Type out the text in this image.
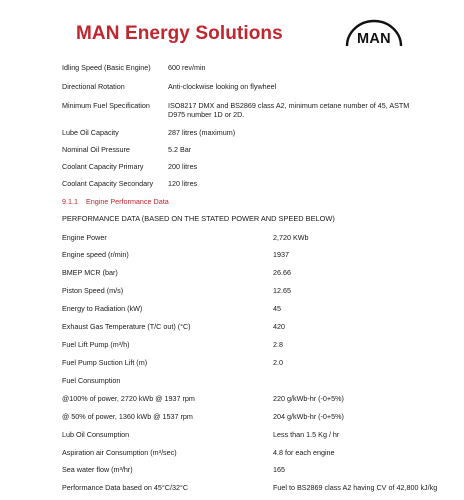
MAN Energy Solutions	MAN
Idling Speed (Basic Engine) 600 rev/min
Directional Rotation	Anti-clockwise looking on flywheel
Minimum Fuel Specification	ISO8217 DMX and BS2869 class A2, minimum cetane number of 45, ASTM D975 number 1D or 2D.
Lube Oil Capacity	287 litres (maximum)
Nominal Oil Pressure	5.2 Bar
Coolant Capacity Primary	200 litres
Coolant Capacity Secondary 120 litres
9.1.1 Engine Performance Data
PERFORMANCE DATA (BASED ON THE STATED POWER AND SPEED BELOW)
Engine Power	2,720 KWb
Engine speed (r/min)	1937
BMEP MCR (bar)	26.66
Piston Speed (m/s)	12.65
Energy to Radiation (kW)	45
Exhaust Gas Temperature (T/C out) (°C)	420
Fuel Lift Pump (m³/h)	2.8
Fuel Pump Suction Lift (m)	2.0
Fuel Consumption
@100% of power, 2720 kWb @ 1937 rpm	220 g/kWb-hr (-0+5%)
@ 50% of power, 1360 kWb @ 1537 rpm	204 g/kWb-hr (-0+5%)
Lub Oil Consumption	Less than 1.5 Kg / hr
Aspiration air Consumption (m³/sec)	4.8 for each engine
Sea water flow (m³/hr)	165
Performance Data based on 45°C/32°C	Fuel to BS2869 class A2 having CV of 42,800 kJ/kg
